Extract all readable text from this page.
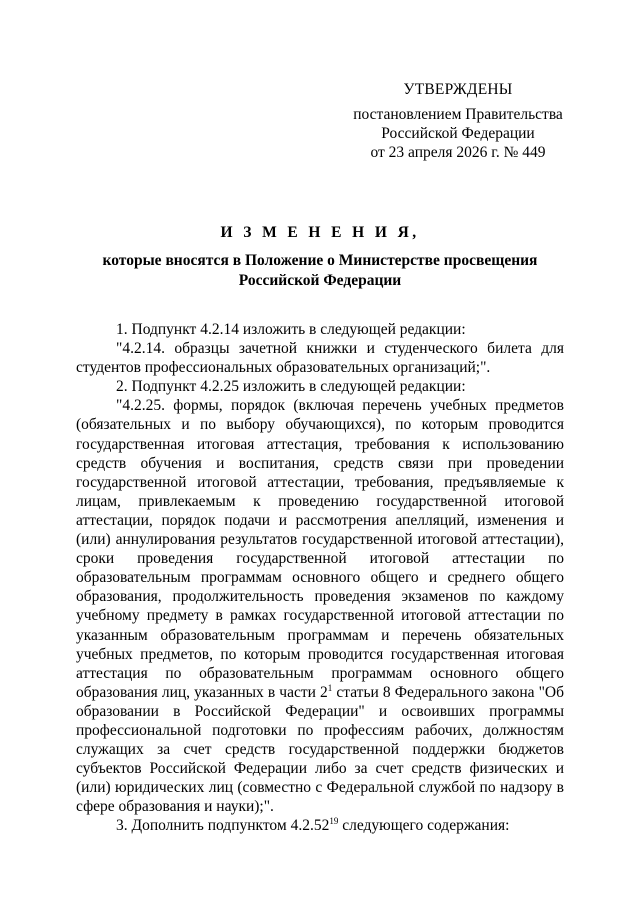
УТВЕРЖДЕНЫ
постановлением Правительства
Российской Федерации
от 23 апреля 2026 г. № 449
И З М Е Н Е Н И Я,
которые вносятся в Положение о Министерстве просвещения
Российской Федерации

1. Подпункт 4.2.14 изложить в следующей редакции:

"4.2.14. образцы зачетной книжки и студенческого билета для студентов профессиональных образовательных организаций;".

2. Подпункт 4.2.25 изложить в следующей редакции:

"4.2.25. формы, порядок (включая перечень учебных предметов (обязательных и по выбору обучающихся), по которым проводится государственная итоговая аттестация, требования к использованию средств обучения и воспитания, средств связи при проведении государственной итоговой аттестации, требования, предъявляемые к лицам, привлекаемым к проведению государственной итоговой аттестации, порядок подачи и рассмотрения апелляций, изменения и (или) аннулирования результатов государственной итоговой аттестации), сроки проведения государственной итоговой аттестации по образовательным программам основного общего и среднего общего образования, продолжительность проведения экзаменов по каждому учебному предмету в рамках государственной итоговой аттестации по указанным образовательным программам и перечень обязательных учебных предметов, по которым проводится государственная итоговая аттестация по образовательным программам основного общего образования лиц, указанных в части $2^1$ статьи 8 Федерального закона "Об образовании в Российской Федерации" и освоивших программы профессиональной подготовки по профессиям рабочих, должностям служащих за счет средств государственной поддержки бюджетов субъектов Российской Федерации либо за счет средств физических и (или) юридических лиц (совместно с Федеральной службой по надзору в сфере образования и науки);".

3. Дополнить подпунктом 4.2.52$^{19}$ следующего содержания:
